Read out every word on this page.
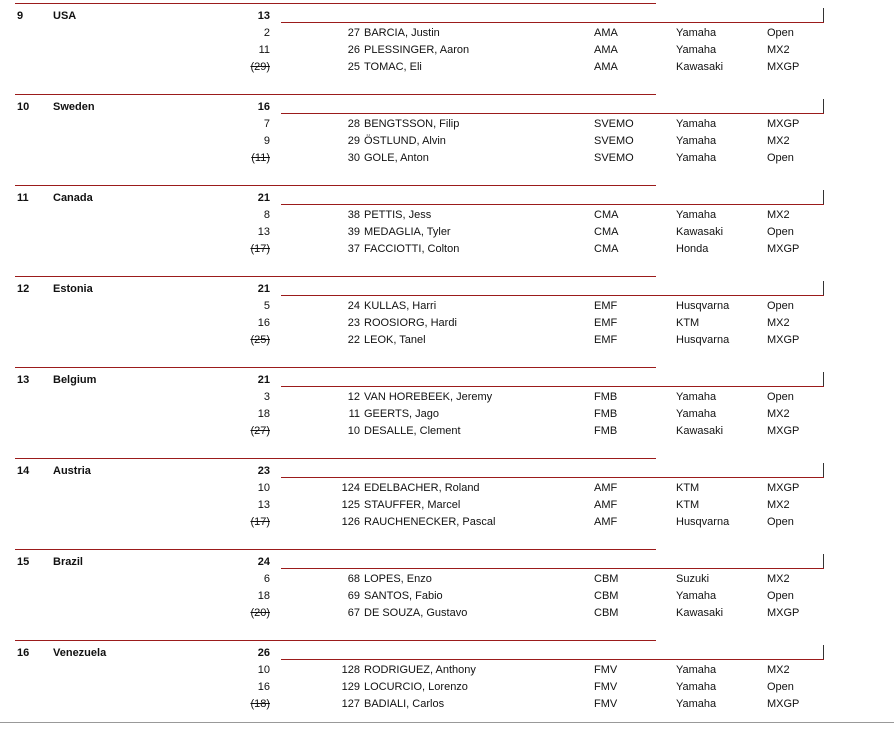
9	USA	13
2	27 BARCIA, Justin	AMA	Yamaha	Open
11	26 PLESSINGER, Aaron	AMA	Yamaha	MX2
(29)	25 TOMAC, Eli	AMA	Kawasaki	MXGP
10 Sweden	16
7	28 BENGTSSON, Filip	SVEMO	Yamaha	MXGP
9	29 ÖSTLUND, Alvin	SVEMO	Yamaha	MX2
(11)	30 GOLE, Anton	SVEMO	Yamaha	Open
11 Canada	21
8	38 PETTIS, Jess	CMA	Yamaha	MX2
13	39 MEDAGLIA, Tyler	CMA	Kawasaki	Open
(17)	37 FACCIOTTI, Colton	CMA	Honda	MXGP
12 Estonia	21
5	24 KULLAS, Harri	EMF	Husqvarna	Open
16	23 ROOSIORG, Hardi	EMF	KTM	MX2
(25)	22 LEOK, Tanel	EMF	Husqvarna	MXGP
13 Belgium	21
3	12 VAN HOREBEEK, Jeremy	FMB	Yamaha	Open
18	11 GEERTS, Jago	FMB	Yamaha	MX2
(27)	10 DESALLE, Clement	FMB	Kawasaki	MXGP
14 Austria	23
10	124 EDELBACHER, Roland	AMF	KTM	MXGP
13	125 STAUFFER, Marcel	AMF	KTM	MX2
(17)	126 RAUCHENECKER, Pascal	AMF	Husqvarna	Open
15 Brazil	24
6	68 LOPES, Enzo	CBM	Suzuki	MX2
18	69 SANTOS, Fabio	CBM	Yamaha	Open
(20)	67 DE SOUZA, Gustavo	CBM	Kawasaki	MXGP
16 Venezuela	26
10	128 RODRIGUEZ, Anthony	FMV	Yamaha	MX2
16	129 LOCURCIO, Lorenzo	FMV	Yamaha	Open
(18)	127 BADIALI, Carlos	FMV	Yamaha	MXGP
